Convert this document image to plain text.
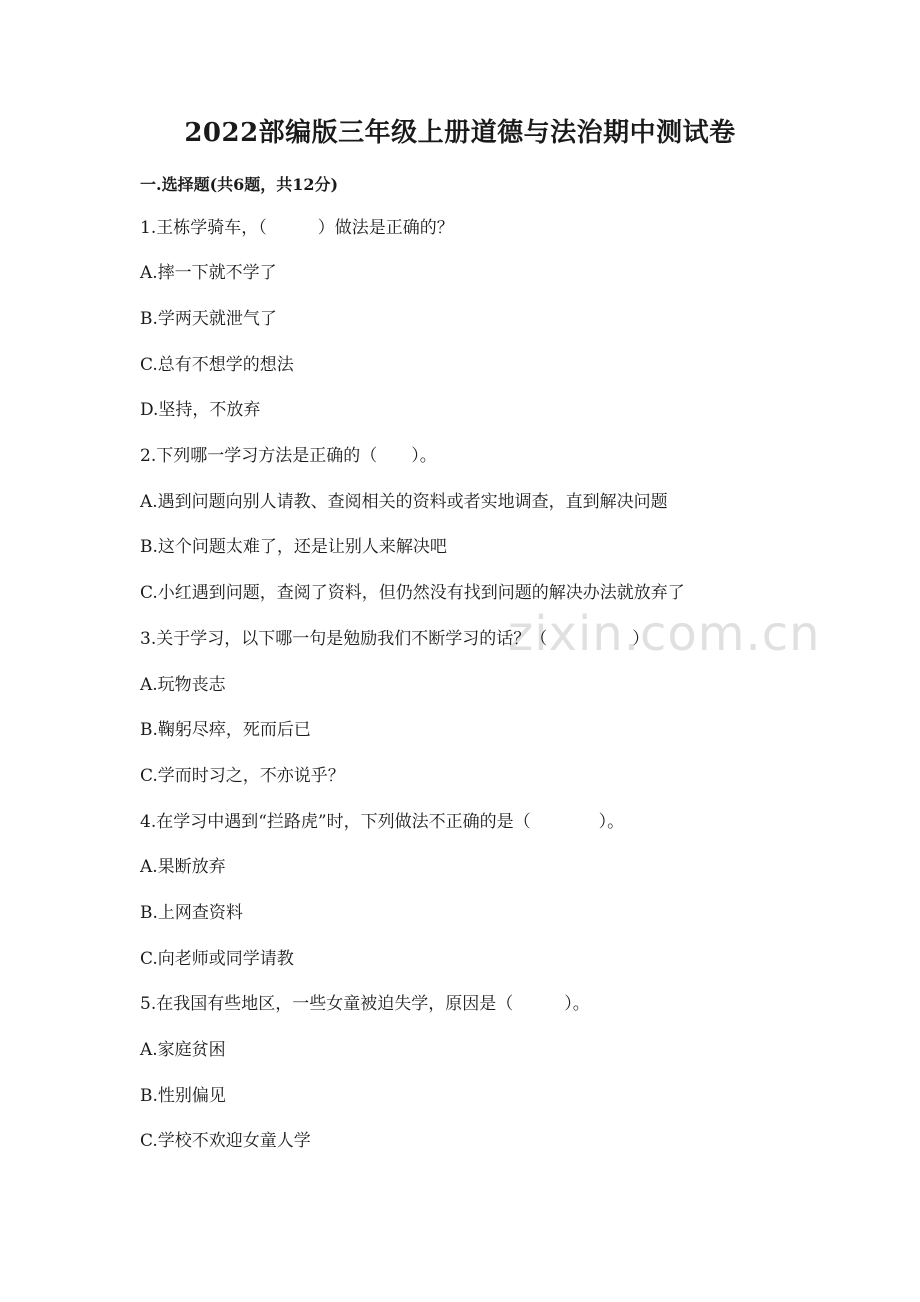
2022部编版三年级上册道德与法治期中测试卷
一.选择题(共6题，共12分)
1.王栋学骑车，（　　　）做法是正确的？
A.摔一下就不学了
B.学两天就泄气了
C.总有不想学的想法
D.坚持，不放弃
2.下列哪一学习方法是正确的（　　）。
A.遇到问题向别人请教、查阅相关的资料或者实地调查，直到解决问题
B.这个问题太难了，还是让别人来解决吧
C.小红遇到问题，查阅了资料，但仍然没有找到问题的解决办法就放弃了
3.关于学习，以下哪一句是勉励我们不断学习的话？（　　　　　）
A.玩物丧志
B.鞠躬尽瘁，死而后已
C.学而时习之，不亦说乎？
4.在学习中遇到“拦路虎”时，下列做法不正确的是（　　　　）。
A.果断放弃
B.上网查资料
C.向老师或同学请教
5.在我国有些地区，一些女童被迫失学，原因是（　　　）。
A.家庭贫困
B.性别偏见
C.学校不欢迎女童人学
zixin.com.cn
